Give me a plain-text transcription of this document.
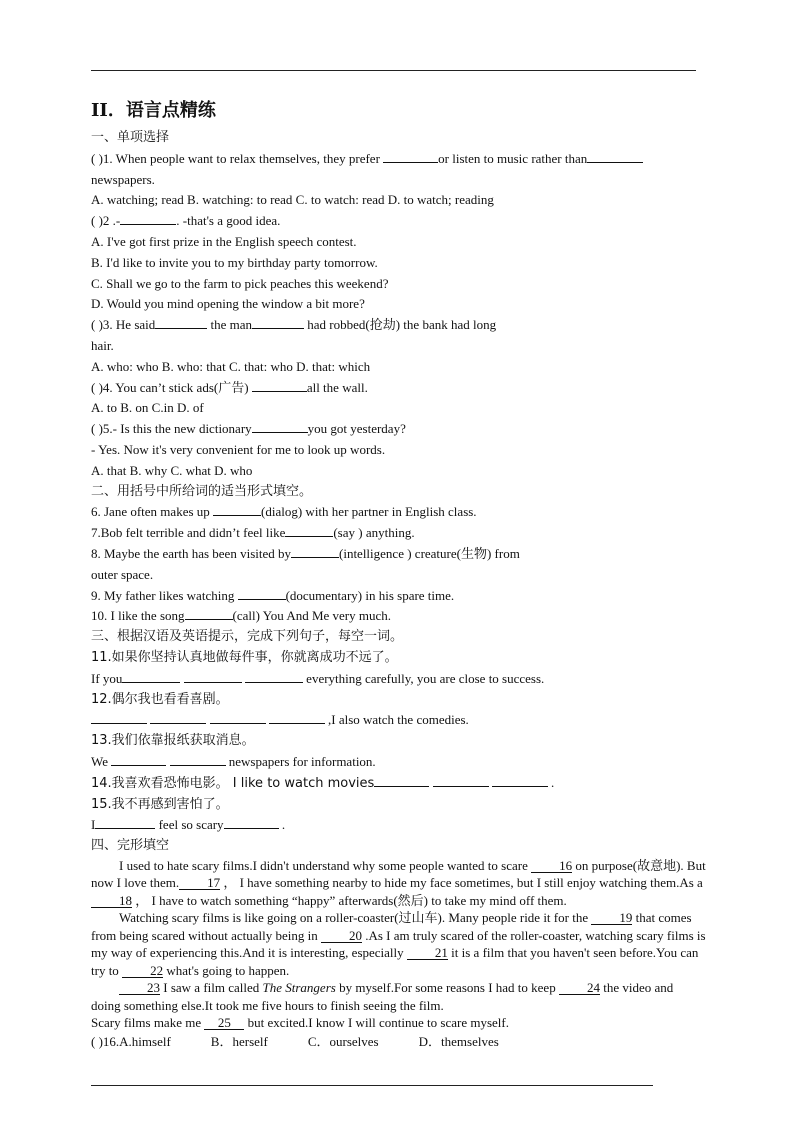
II．语言点精练
一、单项选择
( )1. When people want to relax themselves, they prefer	or listen to music rather than
newspapers.
A. watching; read B. watching: to read C. to watch: read D. to watch; reading
( )2 .-	. -that's a good idea.
A. I've got first prize in the English speech contest.
B. I'd like to invite you to my birthday party tomorrow.
C. Shall we go to the farm to pick peaches this weekend?
D. Would you mind opening the window a bit more?
( )3. He said	the man	had robbed(抢劫) the bank had long
hair.
A. who: who B. who: that C. that: who D. that: which
( )4. You can’t stick ads(广告)	all the wall.
A. to B. on C.in D. of
( )5.- Is this the new dictionary	you got yesterday?
- Yes. Now it's very convenient for me to look up words.
A. that B. why C. what D. who
二、用括号中所给词的适当形式填空。
6. Jane often makes up	(dialog) with her partner in English class.
7.Bob felt terrible and didn’t feel like	(say ) anything.
8. Maybe the earth has been visited by	(intelligence ) creature(生物) from
outer space.
9. My father likes watching	(documentary) in his spare time.
10. I like the song	(call) You And Me very much.
三、根据汉语及英语提示，完成下列句子，每空一词。
11.如果你坚持认真地做每件事，你就离成功不远了。
If you	everything carefully, you are close to success.
12.偶尔我也看看喜剧。
,I also watch the comedies.
13.我们依靠报纸获取消息。
We	newspapers for information.
14.我喜欢看恐怖电影。 I like to watch movies	.
15.我不再感到害怕了。
I	feel so scary	.
四、完形填空
I used to hate scary films.I didn't understand why some people wanted to scare 16 on purpose(故意地). But now I love them. 17 ， I have something nearby to hide my face sometimes, but I still enjoy watching them.As a 18 ， I have to watch something “happy” afterwards(然后) to take my mind off them.
Watching scary films is like going on a roller-coaster(过山车). Many people ride it for the 19 that comes from being scared without actually being in 20 .As I am truly scared of the roller-coaster, watching scary films is my way of experiencing this.And it is interesting, especially 21 it is a film that you haven't seen before.You can try to 22 what's going to happen.
23 I saw a film called The Strangers by myself.For some reasons I had to keep 24 the video and doing something else.It took me five hours to finish seeing the film.
Scary films make me 25 but excited.I know I will continue to scare myself.
( )16.A.himself	B．herself	C．ourselves	D．themselves
